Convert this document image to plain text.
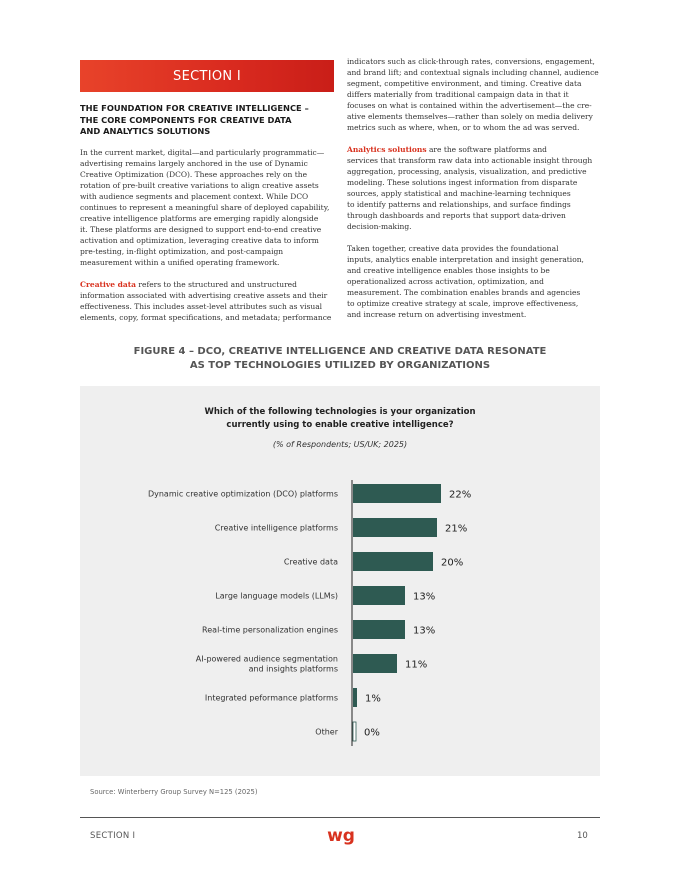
SECTION I
THE FOUNDATION FOR CREATIVE INTELLIGENCE –
THE CORE COMPONENTS FOR CREATIVE DATA
AND ANALYTICS SOLUTIONS

In the current market, digital—and particularly programmatic—
advertising remains largely anchored in the use of Dynamic
Creative Optimization (DCO). These approaches rely on the
rotation of pre-built creative variations to align creative assets
with audience segments and placement context. While DCO
continues to represent a meaningful share of deployed capability,
creative intelligence platforms are emerging rapidly alongside
it. These platforms are designed to support end-to-end creative
activation and optimization, leveraging creative data to inform
pre-testing, in-flight optimization, and post-campaign
measurement within a unified operating framework.

Creative data refers to the structured and unstructured
information associated with advertising creative assets and their
effectiveness. This includes asset-level attributes such as visual
elements, copy, format specifications, and metadata; performance

indicators such as click-through rates, conversions, engagement,
and brand lift; and contextual signals including channel, audience
segment, competitive environment, and timing. Creative data
differs materially from traditional campaign data in that it
focuses on what is contained within the advertisement—the cre-
ative elements themselves—rather than solely on media delivery
metrics such as where, when, or to whom the ad was served.

Analytics solutions are the software platforms and
services that transform raw data into actionable insight through
aggregation, processing, analysis, visualization, and predictive
modeling. These solutions ingest information from disparate
sources, apply statistical and machine-learning techniques
to identify patterns and relationships, and surface findings
through dashboards and reports that support data-driven
decision-making.

Taken together, creative data provides the foundational
inputs, analytics enable interpretation and insight generation,
and creative intelligence enables those insights to be
operationalized across activation, optimization, and
measurement. The combination enables brands and agencies
to optimize creative strategy at scale, improve effectiveness,
and increase return on advertising investment.

FIGURE 4 – DCO, CREATIVE INTELLIGENCE AND CREATIVE DATA RESONATE
AS TOP TECHNOLOGIES UTILIZED BY ORGANIZATIONS
Which of the following technologies is your organization
currently using to enable creative intelligence?
(% of Respondents; US/UK; 2025)
Dynamic creative optimization (DCO) platforms	22%
Creative intelligence platforms	21%
Creative data	20%
Large language models (LLMs)	13%
Real-time personalization engines	13%
AI-powered audience segmentation
and insights platforms	11%
Integrated peformance platforms	1%
Other	0%
Source: Winterberry Group Survey N=125 (2025)
SECTION I	wg	10
